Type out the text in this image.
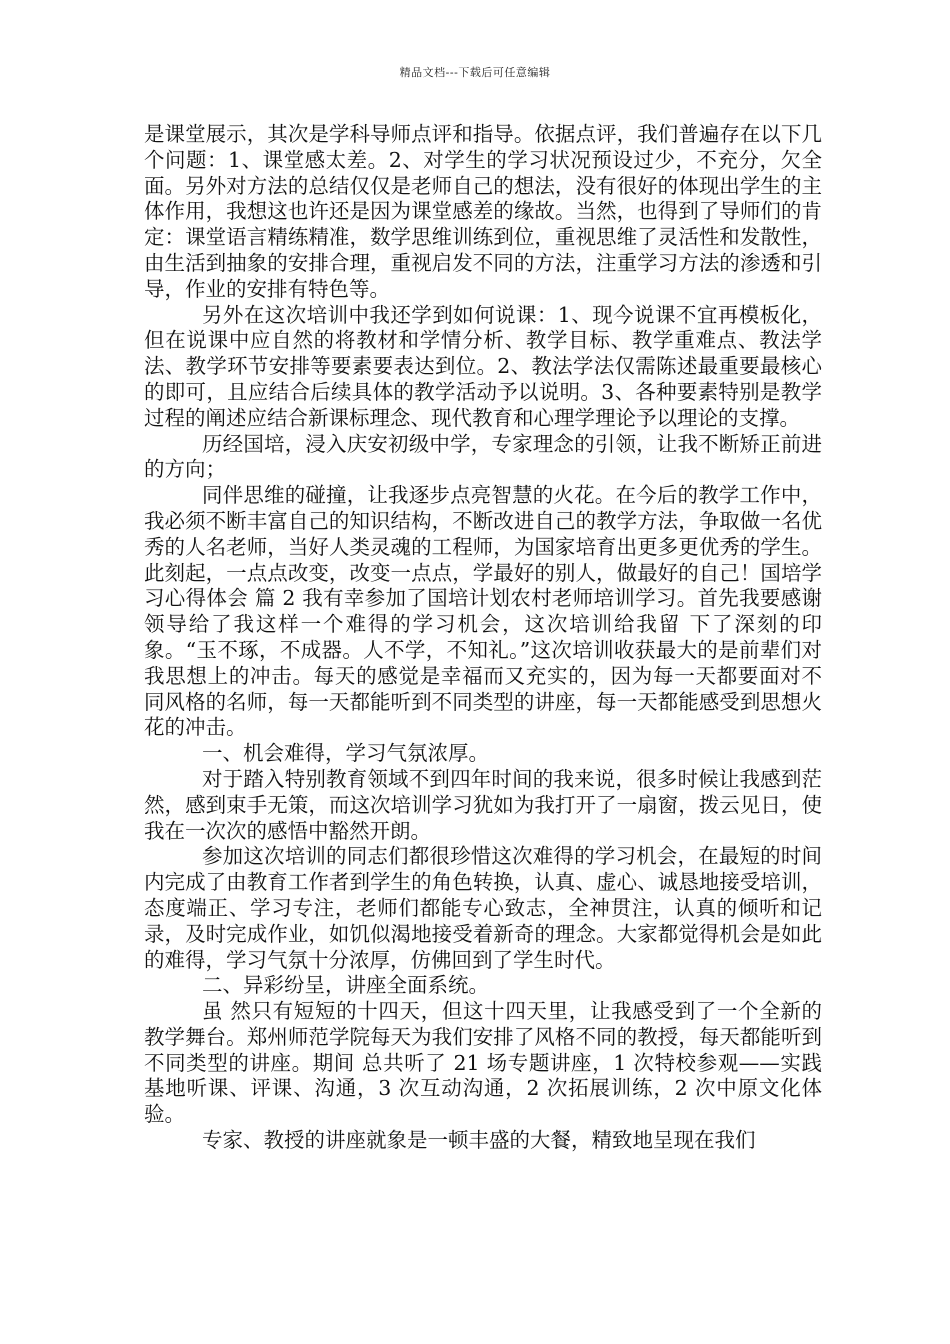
精品文档---下载后可任意编辑

是课堂展示，其次是学科导师点评和指导。依据点评，我们普遍存在以下几个问题：1、课堂感太差。2、对学生的学习状况预设过少，不充分，欠全面。另外对方法的总结仅仅是老师自己的想法，没有很好的体现出学生的主体作用，我想这也许还是因为课堂感差的缘故。当然，也得到了导师们的肯定：课堂语言精练精准，数学思维训练到位，重视思维了灵活性和发散性，由生活到抽象的安排合理，重视启发不同的方法，注重学习方法的渗透和引导，作业的安排有特色等。

另外在这次培训中我还学到如何说课：1、现今说课不宜再模板化，但在说课中应自然的将教材和学情分析、教学目标、教学重难点、教法学法、教学环节安排等要素要表达到位。2、教法学法仅需陈述最重要最核心的即可，且应结合后续具体的教学活动予以说明。3、各种要素特别是教学过程的阐述应结合新课标理念、现代教育和心理学理论予以理论的支撑。

历经国培，浸入庆安初级中学，专家理念的引领，让我不断矫正前进的方向；

同伴思维的碰撞，让我逐步点亮智慧的火花。在今后的教学工作中，我必须不断丰富自己的知识结构，不断改进自己的教学方法，争取做一名优秀的人名老师，当好人类灵魂的工程师，为国家培育出更多更优秀的学生。此刻起，一点点改变，改变一点点，学最好的别人，做最好的自己！国培学习心得体会 篇 2 我有幸参加了国培计划农村老师培训学习。首先我要感谢领导给了我这样一个难得的学习机会，这次培训给我留 下了深刻的印象。“玉不琢，不成器。人不学，不知礼。”这次培训收获最大的是前辈们对我思想上的冲击。每天的感觉是幸福而又充实的，因为每一天都要面对不 同风格的名师，每一天都能听到不同类型的讲座，每一天都能感受到思想火花的冲击。

一、机会难得，学习气氛浓厚。

对于踏入特别教育领域不到四年时间的我来说，很多时候让我感到茫然，感到束手无策，而这次培训学习犹如为我打开了一扇窗，拨云见日，使我在一次次的感悟中豁然开朗。

参加这次培训的同志们都很珍惜这次难得的学习机会，在最短的时间内完成了由教育工作者到学生的角色转换，认真、虚心、诚恳地接受培训，态度端正、学习专注，老师们都能专心致志，全神贯注，认真的倾听和记录，及时完成作业，如饥似渴地接受着新奇的理念。大家都觉得机会是如此的难得，学习气氛十分浓厚，仿佛回到了学生时代。

二、异彩纷呈，讲座全面系统。

虽 然只有短短的十四天，但这十四天里，让我感受到了一个全新的教学舞台。郑州师范学院每天为我们安排了风格不同的教授，每天都能听到不同类型的讲座。期间 总共听了 21 场专题讲座，1 次特校参观——实践基地听课、评课、沟通，3 次互动沟通，2 次拓展训练，2 次中原文化体验。

专家、教授的讲座就象是一顿丰盛的大餐，精致地呈现在我们
